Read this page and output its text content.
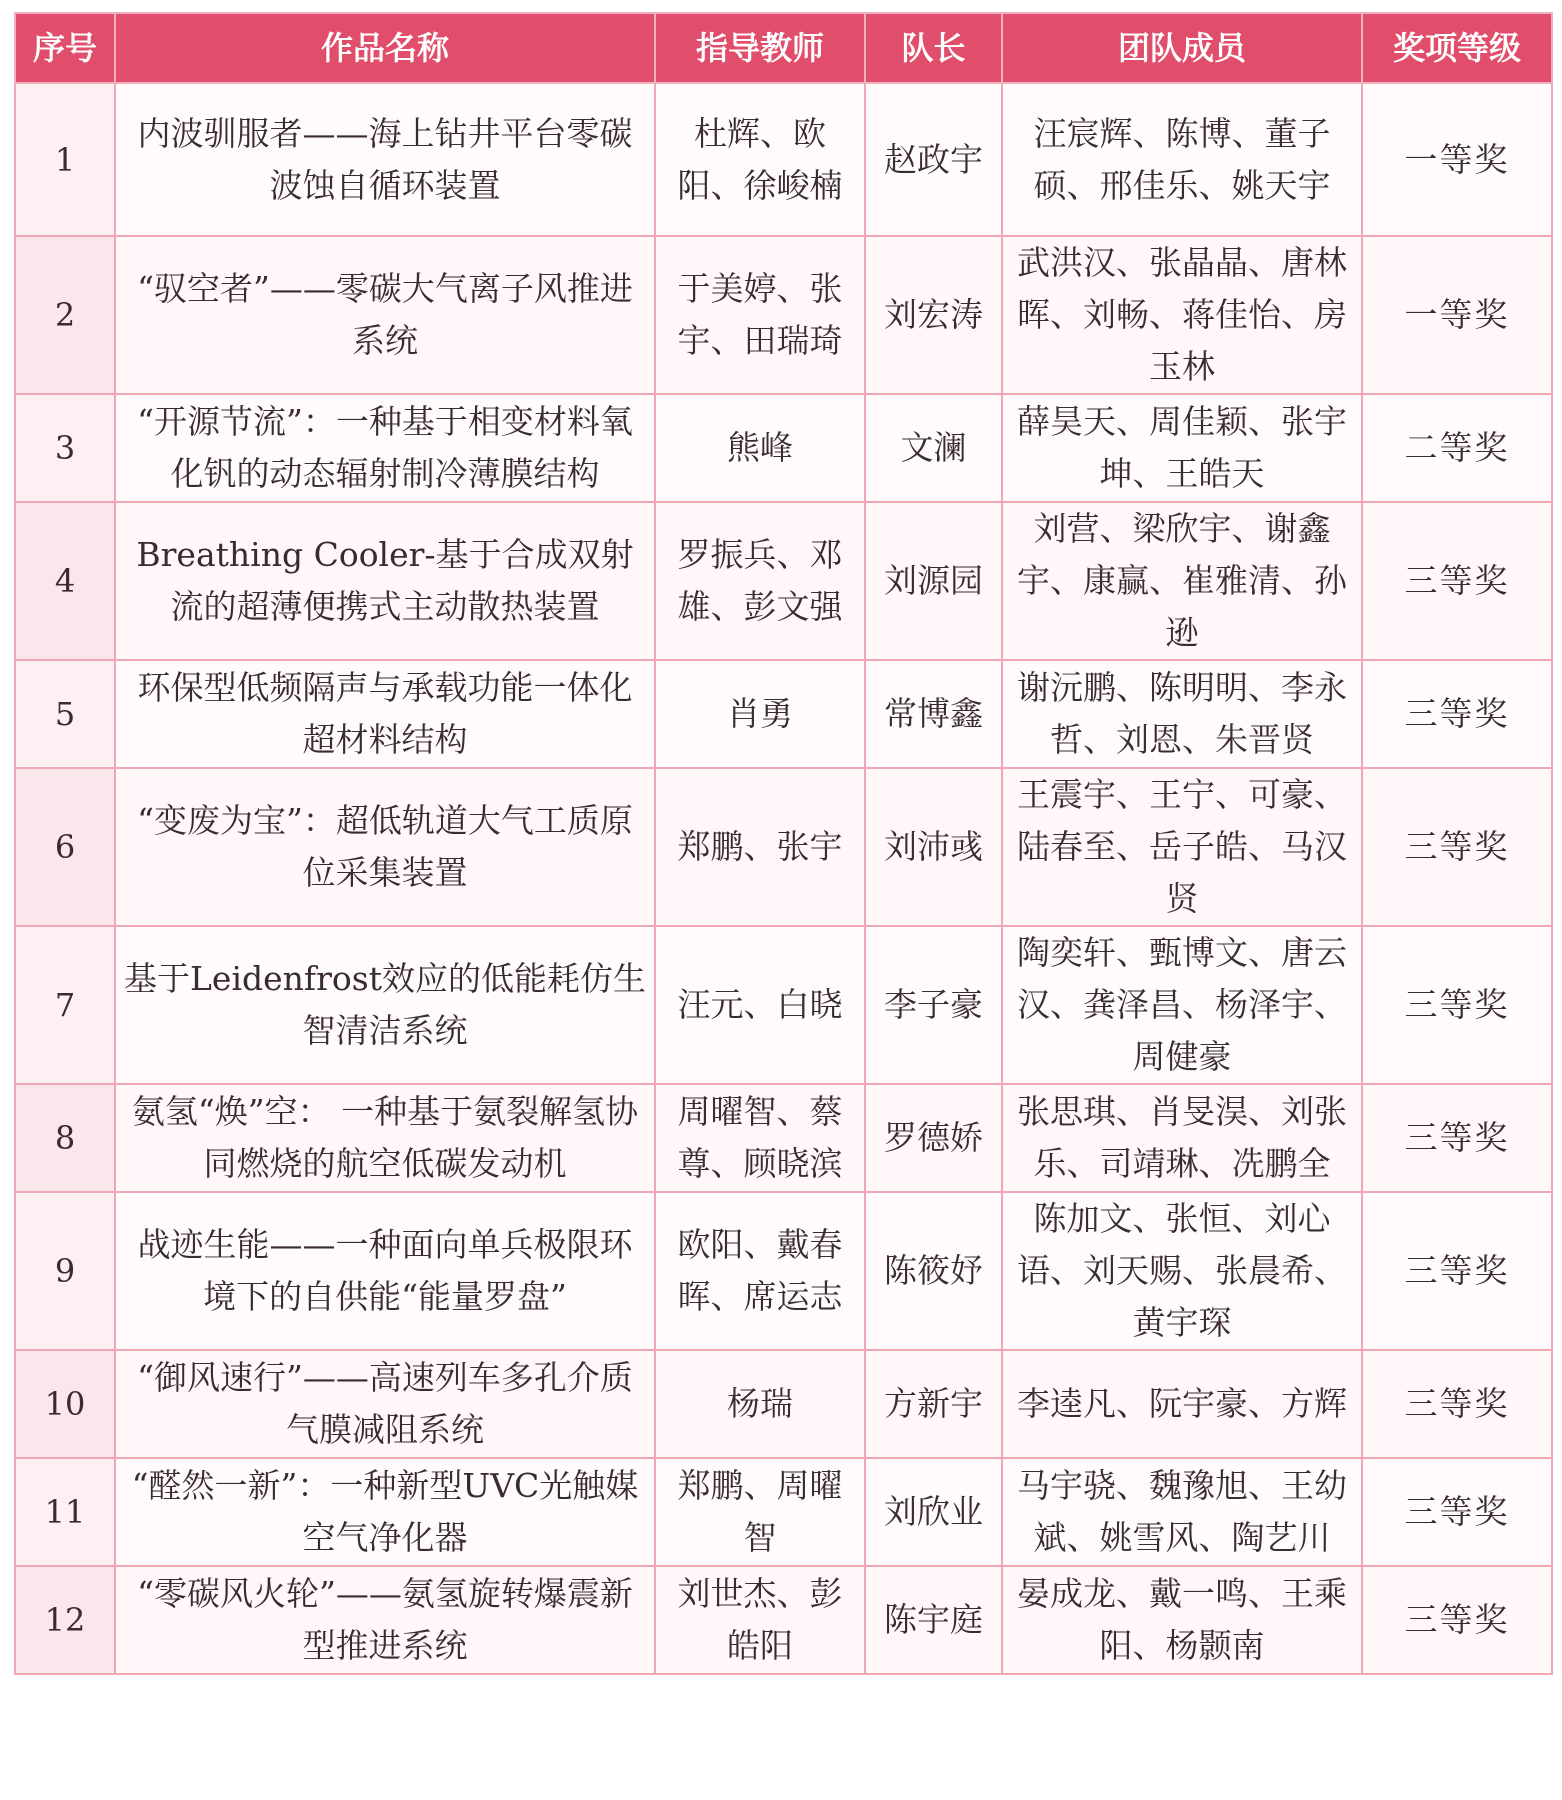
序号	作品名称	指导教师	队长	团队成员	奖项等级
1	内波驯服者——海上钻井平台零碳波蚀自循环装置	杜辉、欧阳、徐峻楠	赵政宇	汪宸辉、陈博、董子硕、邢佳乐、姚天宇	一等奖
2	“驭空者”——零碳大气离子风推进系统	于美婷、张宇、田瑞琦	刘宏涛	武洪汉、张晶晶、唐林晖、刘畅、蒋佳怡、房玉林	一等奖
3	“开源节流”：一种基于相变材料氧化钒的动态辐射制冷薄膜结构	熊峰	文澜	薛昊天、周佳颖、张宇坤、王皓天	二等奖
4	Breathing Cooler-基于合成双射流的超薄便携式主动散热装置	罗振兵、邓雄、彭文强	刘源园	刘营、梁欣宇、谢鑫宇、康赢、崔雅清、孙逊	三等奖
5	环保型低频隔声与承载功能一体化超材料结构	肖勇	常博鑫	谢沅鹏、陈明明、李永哲、刘恩、朱晋贤	三等奖
6	“变废为宝”：超低轨道大气工质原位采集装置	郑鹏、张宇	刘沛彧	王震宇、王宁、可豪、陆春至、岳子皓、马汉贤	三等奖
7	基于Leidenfrost效应的低能耗仿生智清洁系统	汪元、白晓	李子豪	陶奕轩、甄博文、唐云汉、龚泽昌、杨泽宇、周健豪	三等奖
8	氨氢“焕”空： 一种基于氨裂解氢协同燃烧的航空低碳发动机	周曜智、蔡尊、顾晓滨	罗德娇	张思琪、肖旻淏、刘张乐、司靖琳、冼鹏全	三等奖
9	战迹生能——一种面向单兵极限环境下的自供能“能量罗盘”	欧阳、戴春晖、席运志	陈筱妤	陈加文、张恒、刘心语、刘天赐、张晨希、黄宇琛	三等奖
10	“御风速行”——高速列车多孔介质气膜减阻系统	杨瑞	方新宇	李逵凡、阮宇豪、方辉	三等奖
11	“醛然一新”：一种新型UVC光触媒空气净化器	郑鹏、周曜智	刘欣业	马宇骁、魏豫旭、王幼斌、姚雪风、陶艺川	三等奖
12	“零碳风火轮”——氨氢旋转爆震新型推进系统	刘世杰、彭皓阳	陈宇庭	晏成龙、戴一鸣、王乘阳、杨颢南	三等奖
